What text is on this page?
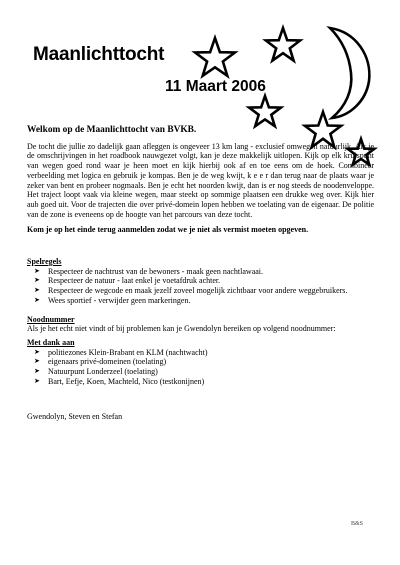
Maanlichttocht
11 Maart 2006

Welkom op de Maanlichttocht van BVKB.

De tocht die jullie zo dadelijk gaan afleggen is ongeveer 13 km lang - exclusief omwegen natuurlijk. Als je de omschrijvingen in het roadbook nauwgezet volgt, kan je deze makkelijk uitlopen. Kijk op elk kruispunt van wegen goed rond waar je heen moet en kijk hierbij ook af en toe eens om de hoek. Combineer verbeelding met logica en gebruik je kompas. Ben je de weg kwijt, k e e r dan terug naar de plaats waar je zeker van bent en probeer nogmaals. Ben je echt het noorden kwijt, dan is er nog steeds de noodenveloppe. Het traject loopt vaak via kleine wegen, maar steekt op sommige plaatsen een drukke weg over. Kijk hier aub goed uit. Voor de trajecten die over privé-domein lopen hebben we toelating van de eigenaar. De politie van de zone is eveneens op de hoogte van het parcours van deze tocht.

Kom je op het einde terug aanmelden zodat we je niet als vermist moeten opgeven.

Spelregels

➤ Respecteer de nachtrust van de bewoners - maak geen nachtlawaai.
➤ Respecteer de natuur - laat enkel je voetafdruk achter.
➤ Respecteer de wegcode en maak jezelf zoveel mogelijk zichtbaar voor andere weggebruikers.
➤ Wees sportief - verwijder geen markeringen.

Noodnummer

Als je het echt niet vindt of bij problemen kan je Gwendolyn bereiken op volgend noodnummer:

Met dank aan

➤ politiezones Klein-Brabant en KLM (nachtwacht)
➤ eigenaars privé-domeinen (toelating)
➤ Natuurpunt Londerzeel (toelating)
➤ Bart, Eefje, Koen, Machteld, Nico (testkonijnen)

Gwendolyn, Steven en Stefan

B&S
